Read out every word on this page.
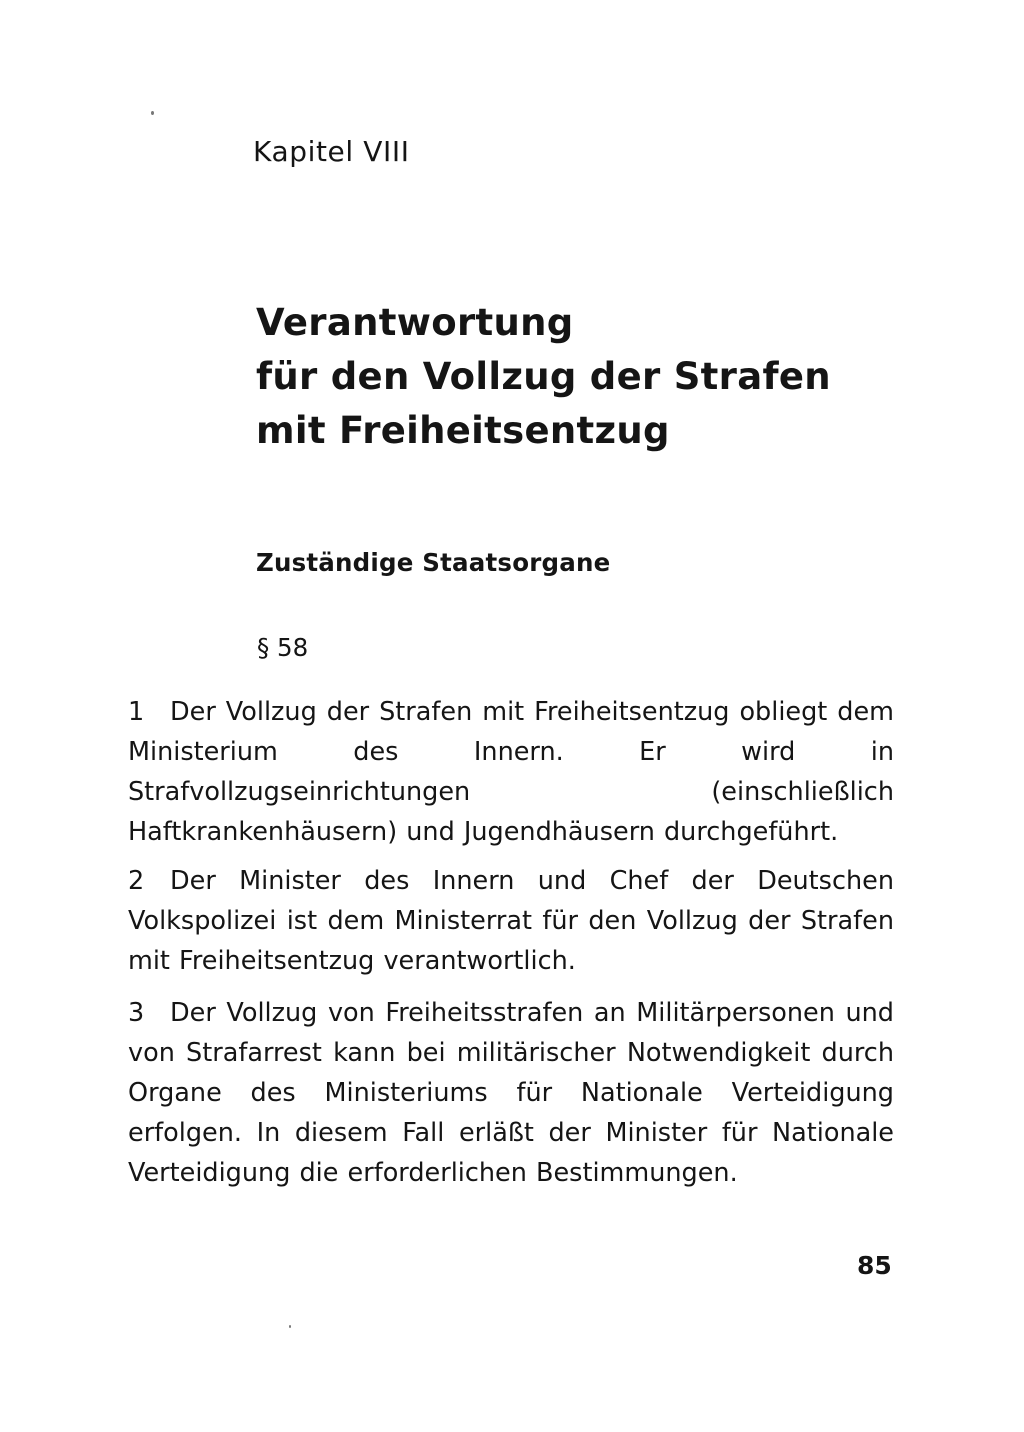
Kapitel VIII
Verantwortung
für den Vollzug der Strafen
mit Freiheitsentzug
Zuständige Staatsorgane
§ 58

1 Der Vollzug der Strafen mit Freiheitsentzug obliegt dem Ministerium des Innern. Er wird in Strafvollzugseinrichtungen (einschließlich Haftkrankenhäusern) und Jugendhäusern durchgeführt.

2 Der Minister des Innern und Chef der Deutschen Volkspolizei ist dem Ministerrat für den Vollzug der Strafen mit Freiheitsentzug verantwortlich.

3 Der Vollzug von Freiheitsstrafen an Militärpersonen und von Strafarrest kann bei militärischer Notwendigkeit durch Organe des Ministeriums für Nationale Verteidigung erfolgen. In diesem Fall erläßt der Minister für Nationale Verteidigung die erforderlichen Bestimmungen.

85
